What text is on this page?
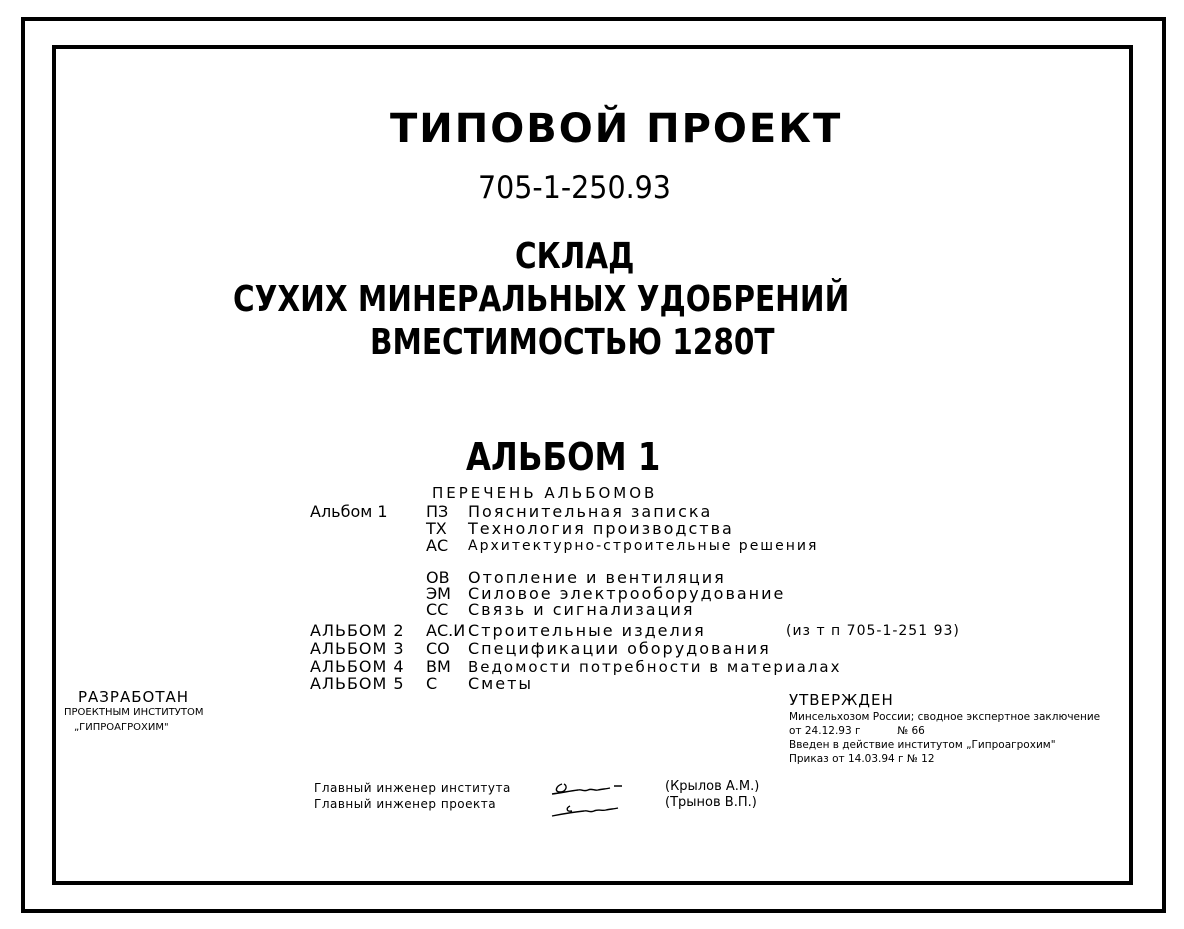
ТИПОВОЙ ПРОЕКТ
705-1-250.93
СКЛАД
СУХИХ МИНЕРАЛЬНЫХ УДОБРЕНИЙ
ВМЕСТИМОСТЬЮ 1280Т
АЛЬБОМ 1
ПЕРЕЧЕНЬ АЛЬБОМОВ
Альбом 1 ПЗ Пояснительная записка
ТХ Технология производства
АС Архитектурно-строительные решения
ОВ Отопление и вентиляция
ЭМ Силовое электрооборудование
СС Связь и сигнализация
АЛЬБОМ 2 АС.И Строительные изделия	(из т п 705-1-251 93)
АЛЬБОМ 3 СО Спецификации оборудования
АЛЬБОМ 4 ВМ Ведомости потребности в материалах
АЛЬБОМ 5 С Сметы
РАЗРАБОТАН
ПРОЕКТНЫМ ИНСТИТУТОМ
„ГИПРОАГРОХИМ"
УТВЕРЖДЕН
Минсельхозом России; сводное экспертное заключение
от 24.12.93 г           № 66
Введен в действие институтом „Гипроагрохим"
Приказ от 14.03.94 г № 12
Главный инженер института
Главный инженер проекта
(Крылов А.М.)
(Трынов В.П.)
